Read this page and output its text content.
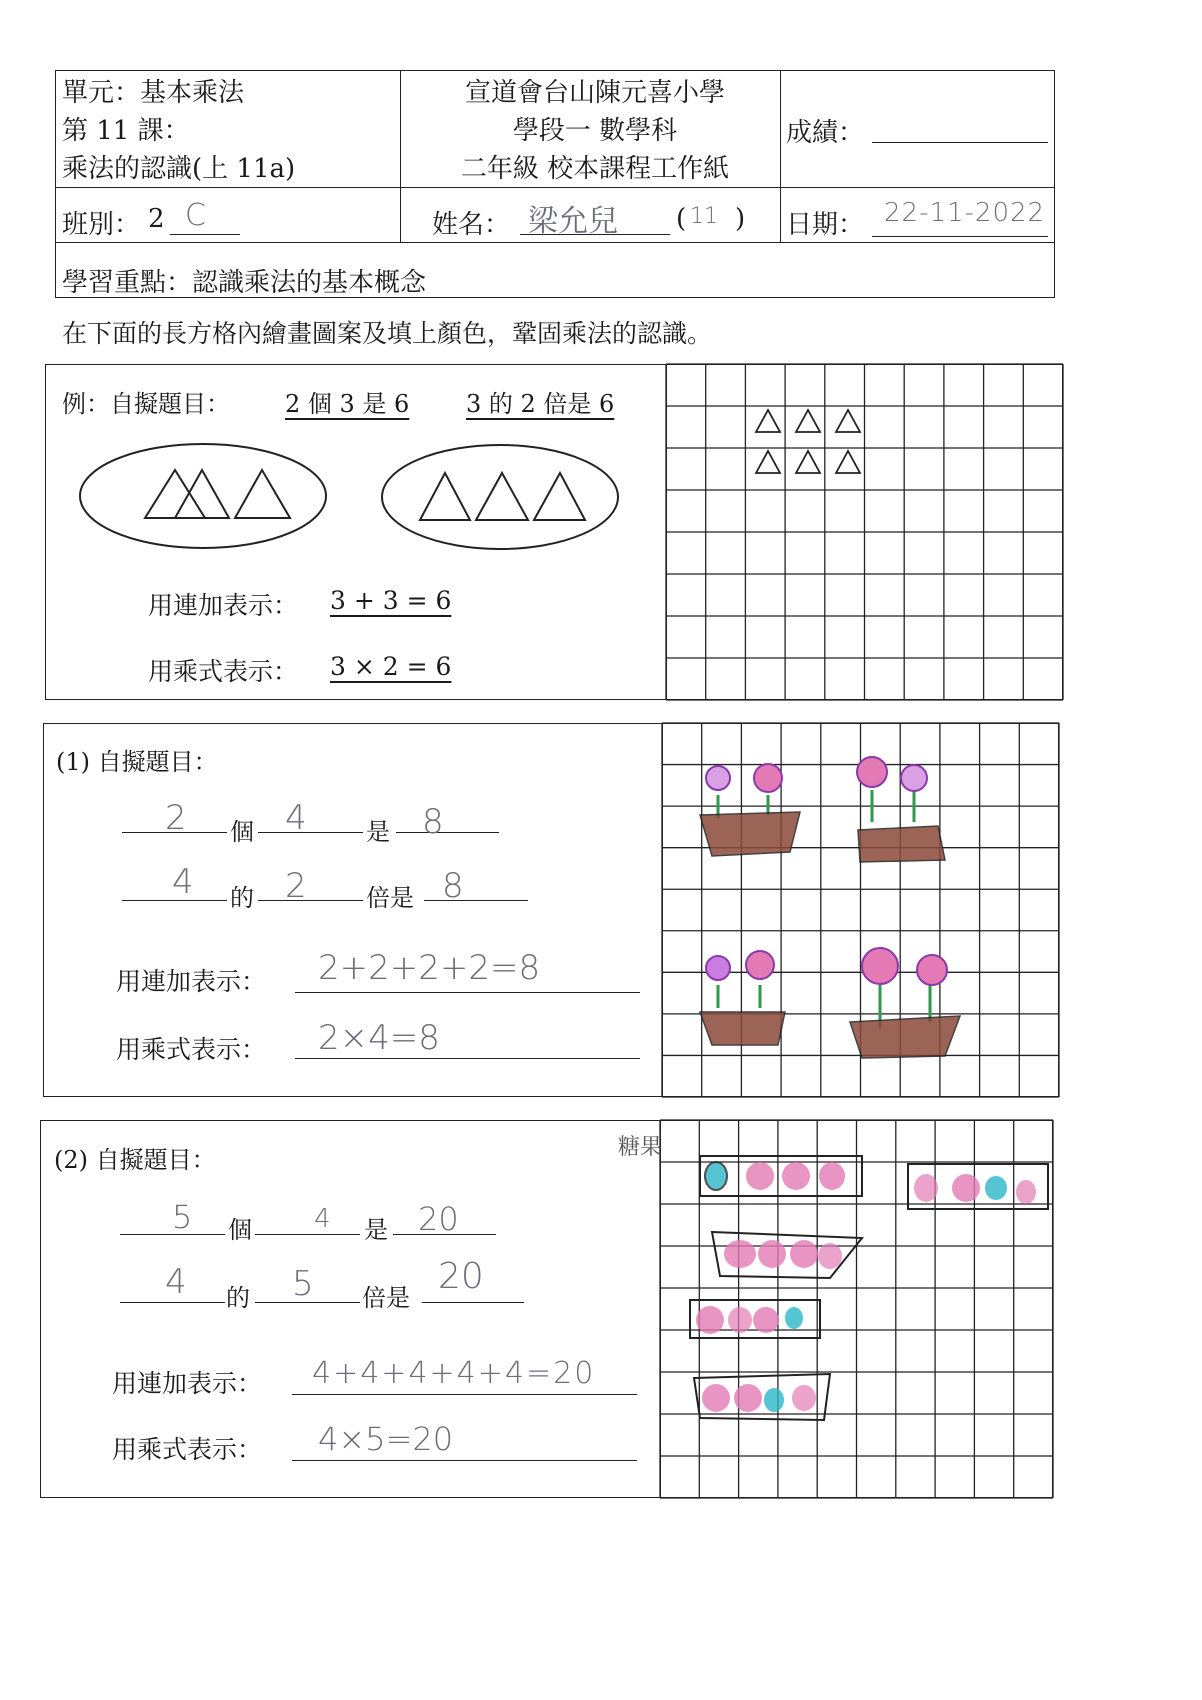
單元：基本乘法
第 11 課：
乘法的認識(上 11a)
宣道會台山陳元喜小學
學段一 數學科
二年級 校本課程工作紙
成績：
班別： 2 C	姓名： 梁允兒 ( 11 ) 日期： 22-11-2022
學習重點：認識乘法的基本概念
在下面的長方格內繪畫圖案及填上顏色，鞏固乘法的認識。
例：自擬題目： 2 個 3 是 6 3 的 2 倍是 6
用連加表示： 3 + 3 = 6
用乘式表示： 3 × 2 = 6
(1) 自擬題目：
2 個 4 是 8
4 的 2 倍是 8
用連加表示： 2+2+2+2=8
用乘式表示： 2×4=8
(2) 自擬題目：
5 個 4 是 20
4 的 5 倍是
20
用連加表示： 4+4+4+4+4=20
用乘式表示： 4×5=20
糖果
